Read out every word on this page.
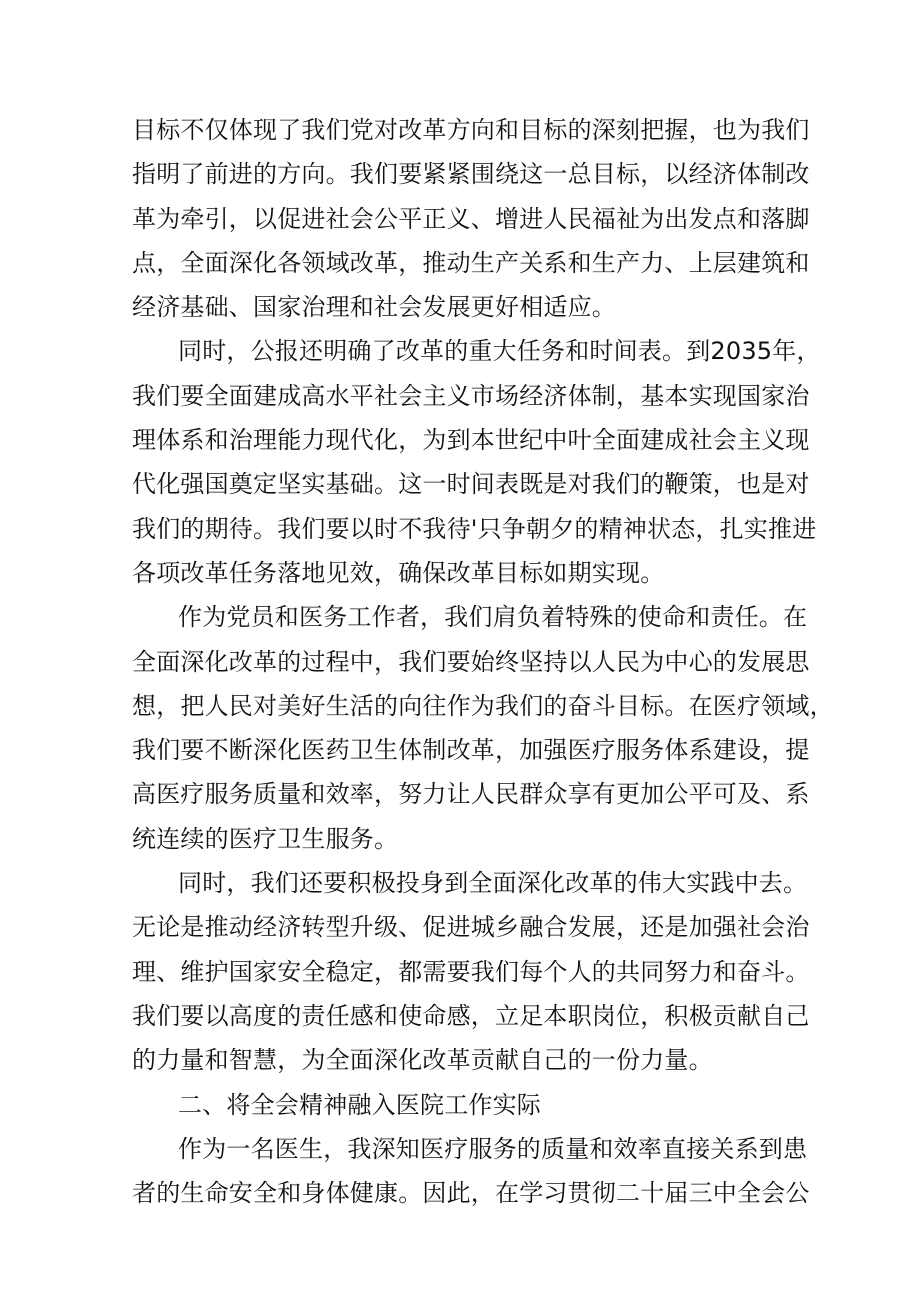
目标不仅体现了我们党对改革方向和目标的深刻把握，也为我们
指明了前进的方向。我们要紧紧围绕这一总目标，以经济体制改
革为牵引，以促进社会公平正义、增进人民福祉为出发点和落脚
点，全面深化各领域改革，推动生产关系和生产力、上层建筑和
经济基础、国家治理和社会发展更好相适应。
同时，公报还明确了改革的重大任务和时间表。到2035年，
我们要全面建成高水平社会主义市场经济体制，基本实现国家治
理体系和治理能力现代化，为到本世纪中叶全面建成社会主义现
代化强国奠定坚实基础。这一时间表既是对我们的鞭策，也是对
我们的期待。我们要以时不我待'只争朝夕的精神状态，扎实推进
各项改革任务落地见效，确保改革目标如期实现。
作为党员和医务工作者，我们肩负着特殊的使命和责任。在
全面深化改革的过程中，我们要始终坚持以人民为中心的发展思
想，把人民对美好生活的向往作为我们的奋斗目标。在医疗领域，
我们要不断深化医药卫生体制改革，加强医疗服务体系建设，提
高医疗服务质量和效率，努力让人民群众享有更加公平可及、系
统连续的医疗卫生服务。
同时，我们还要积极投身到全面深化改革的伟大实践中去。
无论是推动经济转型升级、促进城乡融合发展，还是加强社会治
理、维护国家安全稳定，都需要我们每个人的共同努力和奋斗。
我们要以高度的责任感和使命感，立足本职岗位，积极贡献自己
的力量和智慧，为全面深化改革贡献自己的一份力量。
二、将全会精神融入医院工作实际
作为一名医生，我深知医疗服务的质量和效率直接关系到患
者的生命安全和身体健康。因此，在学习贯彻二十届三中全会公
